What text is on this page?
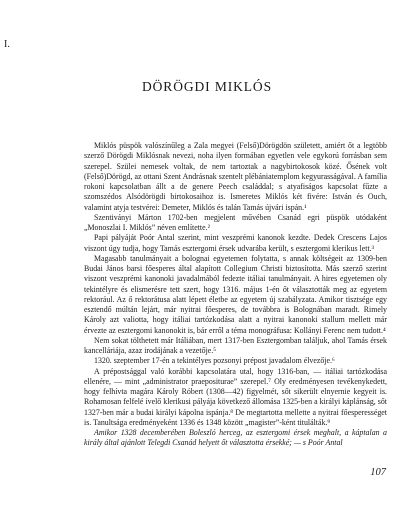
I.
DÖRÖGDI MIKLÓS

Miklós püspök valószínűleg a Zala megyei (Felső)Dörögdön született, amiért őt a legtöbb szerző Dörögdi Miklósnak nevezi, noha ilyen formában egyetlen vele egykorú forrásban sem szerepel. Szülei nemesek voltak, de nem tartoztak a nagybirtokosok közé. Ősének volt (Felső)Dörögd, az ottani Szent Andrásnak szentelt plébániatemplom kegyurasságával. A família rokoni kapcsolatban állt a de genere Peech családdal; s atyafiságos kapcsolat fűzte a szomszédos Alsódörögdi birtokosaihoz is. Ismeretes Miklós két fivére: István és Ouch, valamint atyja testvérei: Demeter, Miklós és talán Tamás újvári ispán.¹

Szentiványi Márton 1702-ben megjelent művében Csanád egri püspök utódaként „Monoszlai I. Miklós” néven említette.²

Papi pályáját Poór Antal szerint, mint veszprémi kanonok kezdte. Dedek Crescens Lajos viszont úgy tudja, hogy Tamás esztergomi érsek udvarába került, s esztergomi klerikus lett.³

Magasabb tanulmányait a bolognai egyetemen folytatta, s annak költségeit az 1309-ben Budai János barsi főesperes által alapított Collegium Christi biztosította. Más szerző szerint viszont veszprémi kanonoki javadalmából fedezte itáliai tanulmányait. A hires egyetemen oly tekintélyre és elismerésre tett szert, hogy 1316. május 1-én őt választották meg az egyetem rektorául. Az ő rektorátusa alatt lépett életbe az egyetem új szabályzata. Amikor tisztsége egy esztendő múltán lejárt, már nyitrai főesperes, de továbbra is Bolognában maradt. Rimely Károly azt valiotta, hogy itáliai tartózkodása alatt a nyitrai kanonoki stallum mellett már érvezte az esztergomi kanonokit is, bár erről a téma monográfusa: Kollányi Ferenc nem tudott.⁴

Nem sokat tölthetett már Itáliában, mert 1317-ben Esztergomban találjuk, ahol Tamás érsek kancelláriája, azaz irodájának a vezetője.⁵

1320. szeptember 17-én a tekintélyes pozsonyi prépost javadalom élvezője.⁶

A prépostsággal való korábbi kapcsolatára utal, hogy 1316-ban, — itáliai tartózkodása ellenére, — mint „administrator praepositurae” szerepel.⁷ Oly eredményesen tevékenykedett, hogy felhívta magára Károly Róbert (1308—42) figyelmét, sőt sikerült elnyernie kegyeit is. Rohamosan felfelé ívelő klerikusi pályája következő állomása 1325-ben a királyi káplánság, sőt 1327-ben már a budai királyi kápolna ispánja.⁸ De megtartotta mellette a nyitrai főesperességet is. Tanultsága eredményeként 1336 és 1348 között „magister”-ként titulálták.⁹

Amikor 1328 decemberében Boleszló herceg, az esztergomi érsek meghalt, a káptalan a király által ajánlott Telegdi Csanád helyett őt választotta érsekké; — s Poór Antal

107
